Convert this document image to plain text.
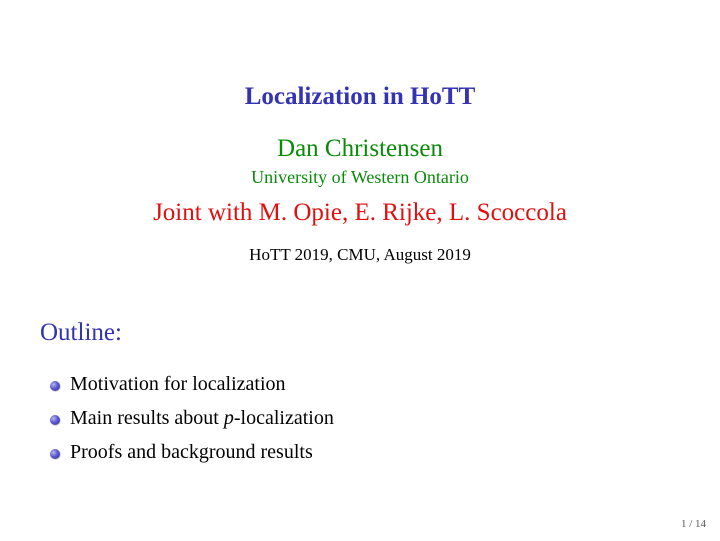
Localization in HoTT
Dan Christensen
University of Western Ontario
Joint with M. Opie, E. Rijke, L. Scoccola
HoTT 2019, CMU, August 2019
Outline:
Motivation for localization
Main results about p-localization
Proofs and background results
1 / 14
